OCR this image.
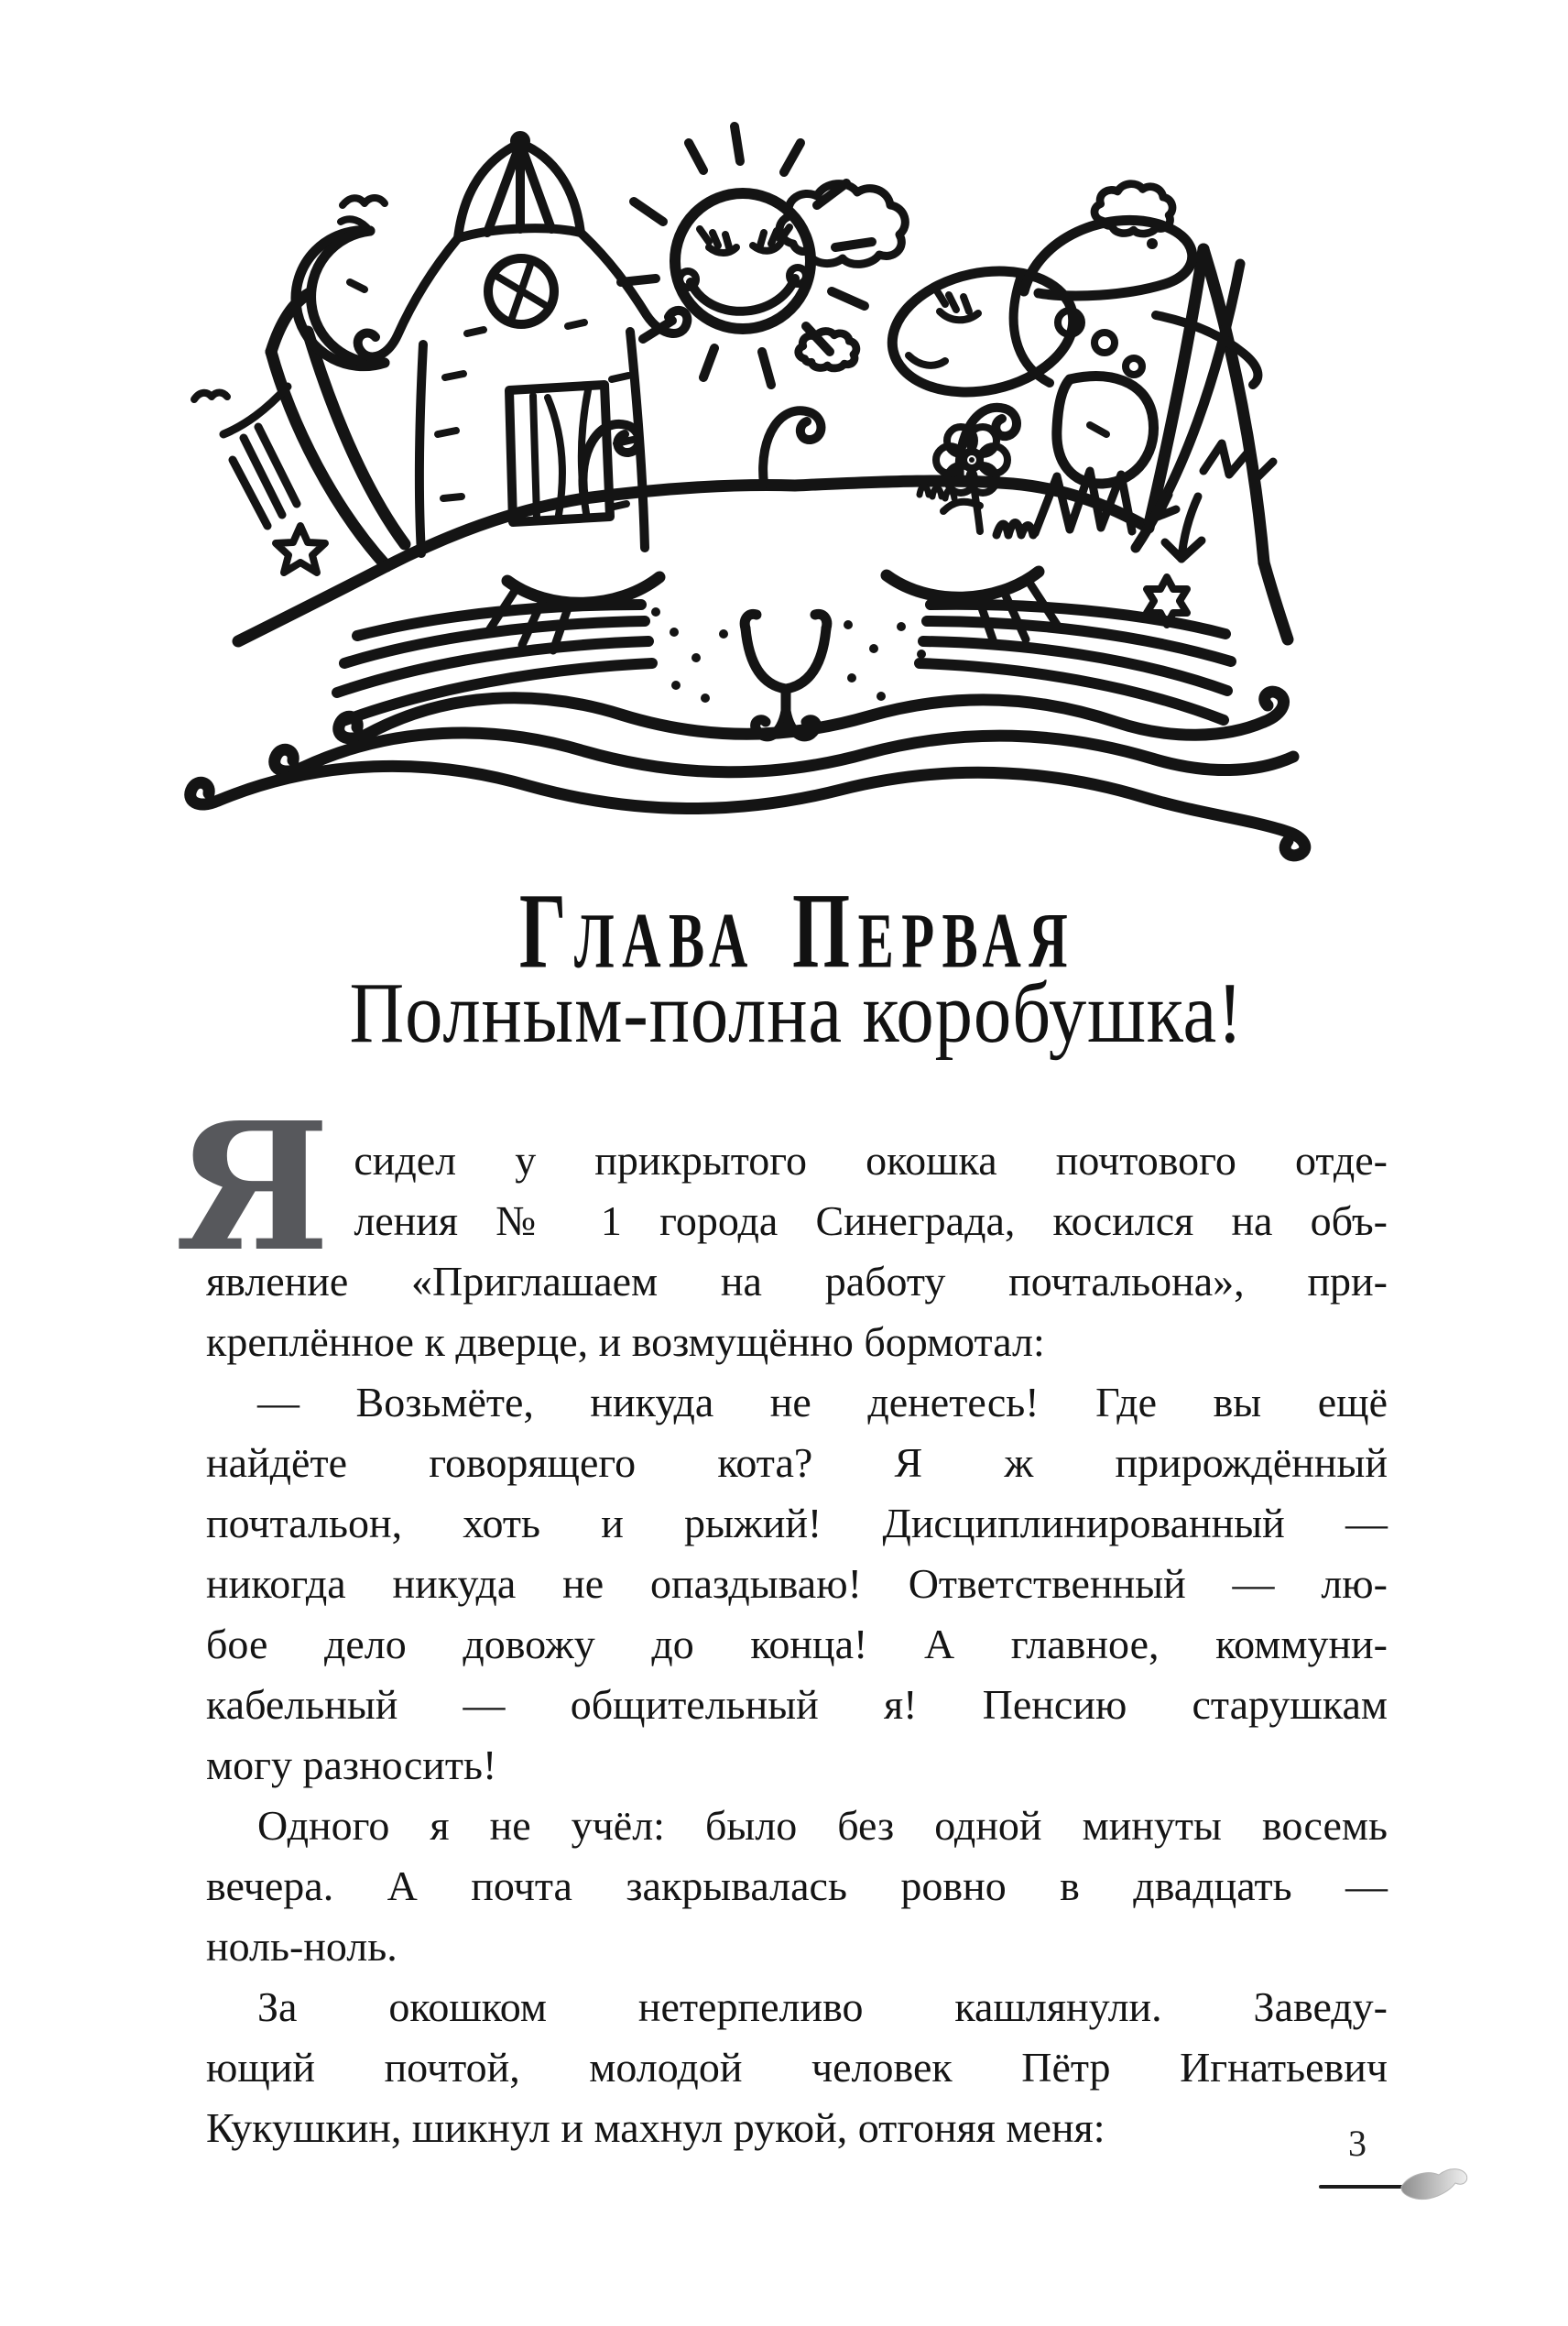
ГЛАВА ПЕРВАЯ
Полным-полна коробушка!
Я сидел у прикрытого окошка почтового отде-
ления № 1 города Синеграда, косился на объ-
явление «Приглашаем на работу почтальона», при-
креплённое к дверце, и возмущённо бормотал:
— Возьмёте, никуда не денетесь! Где вы ещё
найдёте говорящего кота? Я ж прирождённый
почтальон, хоть и рыжий! Дисциплинированный —
никогда никуда не опаздываю! Ответственный — лю-
бое дело довожу до конца! А главное, коммуни-
кабельный — общительный я! Пенсию старушкам
могу разносить!
Одного я не учёл: было без одной минуты восемь
вечера. А почта закрывалась ровно в двадцать —
ноль-ноль.
За окошком нетерпеливо кашлянули. Заведу-
ющий почтой, молодой человек Пётр Игнатьевич
Кукушкин, шикнул и махнул рукой, отгоняя меня:	3
